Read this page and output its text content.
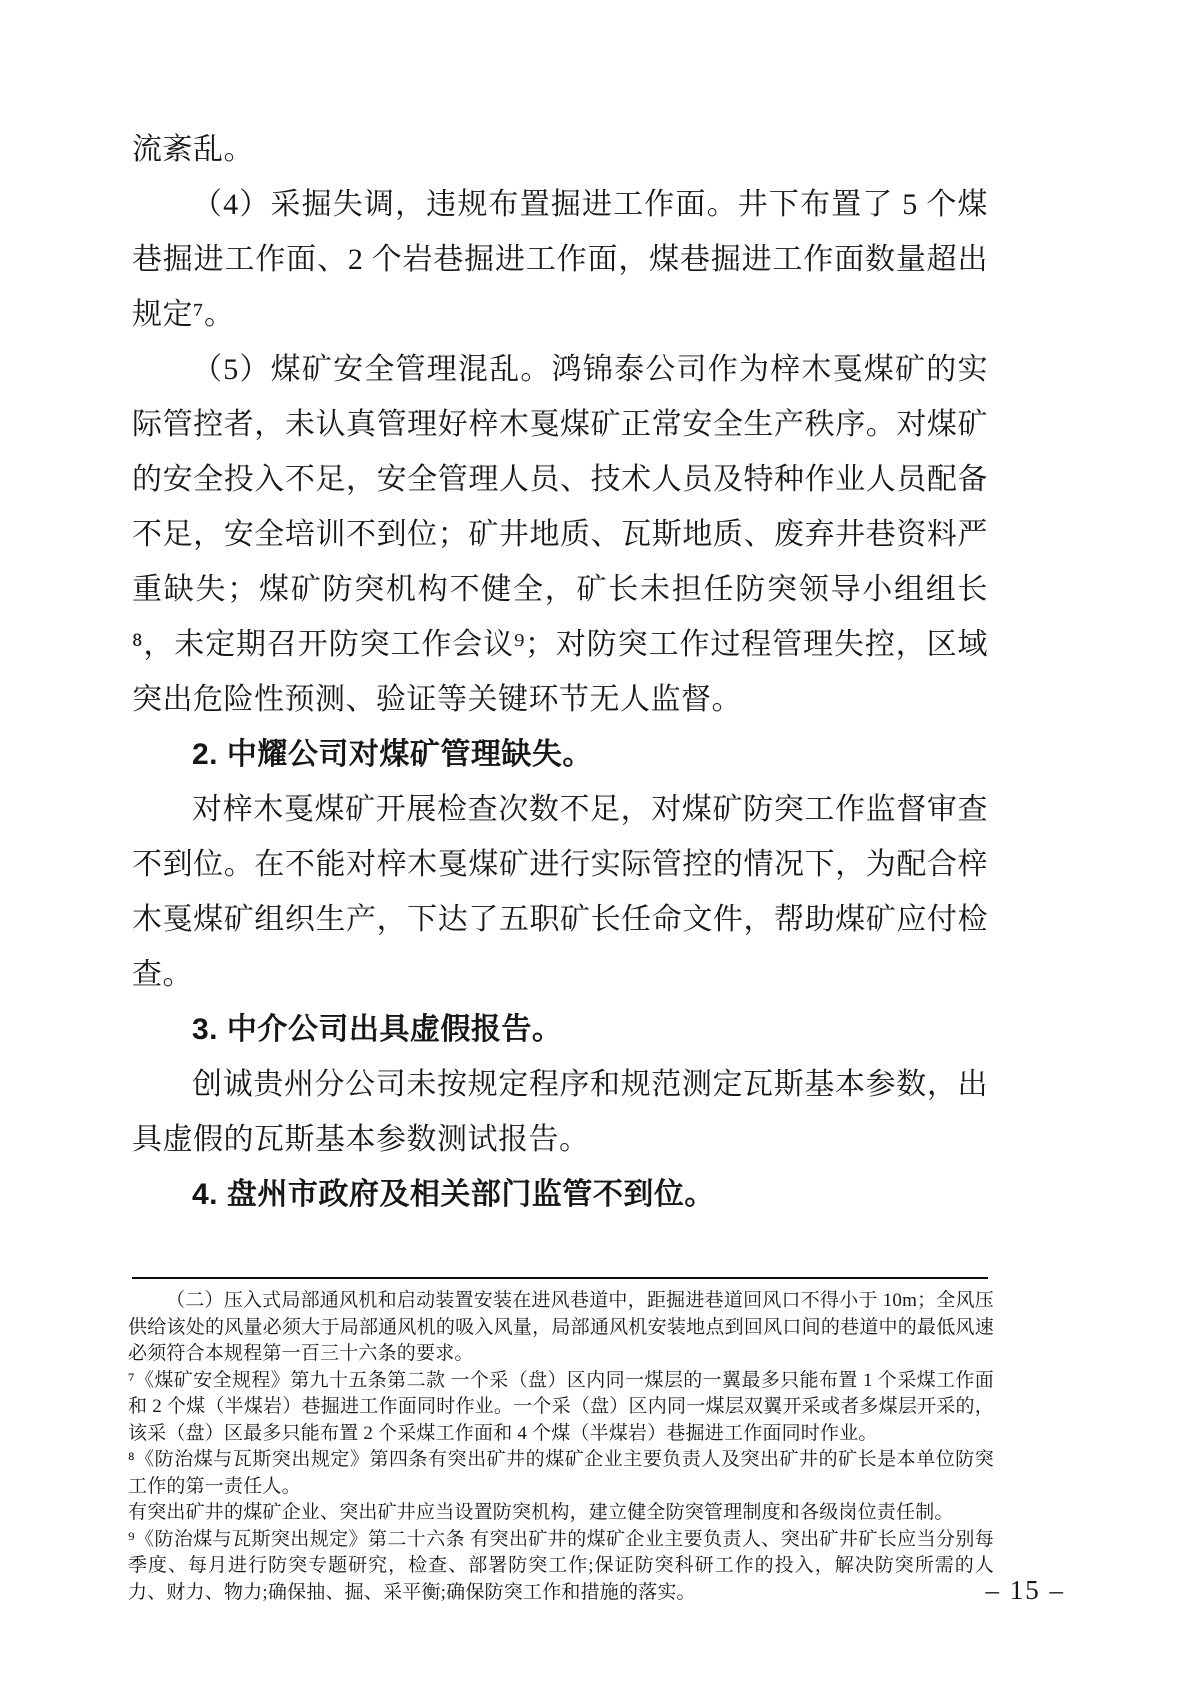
流紊乱。

（4）采掘失调，违规布置掘进工作面。井下布置了 5 个煤巷掘进工作面、2 个岩巷掘进工作面，煤巷掘进工作面数量超出规定⁷。

（5）煤矿安全管理混乱。鸿锦泰公司作为梓木戛煤矿的实际管控者，未认真管理好梓木戛煤矿正常安全生产秩序。对煤矿的安全投入不足，安全管理人员、技术人员及特种作业人员配备不足，安全培训不到位；矿井地质、瓦斯地质、废弃井巷资料严重缺失；煤矿防突机构不健全，矿长未担任防突领导小组组长⁸，未定期召开防突工作会议⁹；对防突工作过程管理失控，区域突出危险性预测、验证等关键环节无人监督。

2. 中耀公司对煤矿管理缺失。

对梓木戛煤矿开展检查次数不足，对煤矿防突工作监督审查不到位。在不能对梓木戛煤矿进行实际管控的情况下，为配合梓木戛煤矿组织生产，下达了五职矿长任命文件，帮助煤矿应付检查。

3. 中介公司出具虚假报告。

创诚贵州分公司未按规定程序和规范测定瓦斯基本参数，出具虚假的瓦斯基本参数测试报告。

4. 盘州市政府及相关部门监管不到位。

（二）压入式局部通风机和启动装置安装在进风巷道中，距掘进巷道回风口不得小于 10m；全风压供给该处的风量必须大于局部通风机的吸入风量，局部通风机安装地点到回风口间的巷道中的最低风速必须符合本规程第一百三十六条的要求。

⁷《煤矿安全规程》第九十五条第二款 一个采（盘）区内同一煤层的一翼最多只能布置 1 个采煤工作面和 2 个煤（半煤岩）巷掘进工作面同时作业。一个采（盘）区内同一煤层双翼开采或者多煤层开采的，该采（盘）区最多只能布置 2 个采煤工作面和 4 个煤（半煤岩）巷掘进工作面同时作业。

⁸《防治煤与瓦斯突出规定》第四条有突出矿井的煤矿企业主要负责人及突出矿井的矿长是本单位防突工作的第一责任人。

有突出矿井的煤矿企业、突出矿井应当设置防突机构，建立健全防突管理制度和各级岗位责任制。

⁹《防治煤与瓦斯突出规定》第二十六条 有突出矿井的煤矿企业主要负责人、突出矿井矿长应当分别每季度、每月进行防突专题研究，检查、部署防突工作;保证防突科研工作的投入，解决防突所需的人力、财力、物力;确保抽、掘、采平衡;确保防突工作和措施的落实。	– 15 –
